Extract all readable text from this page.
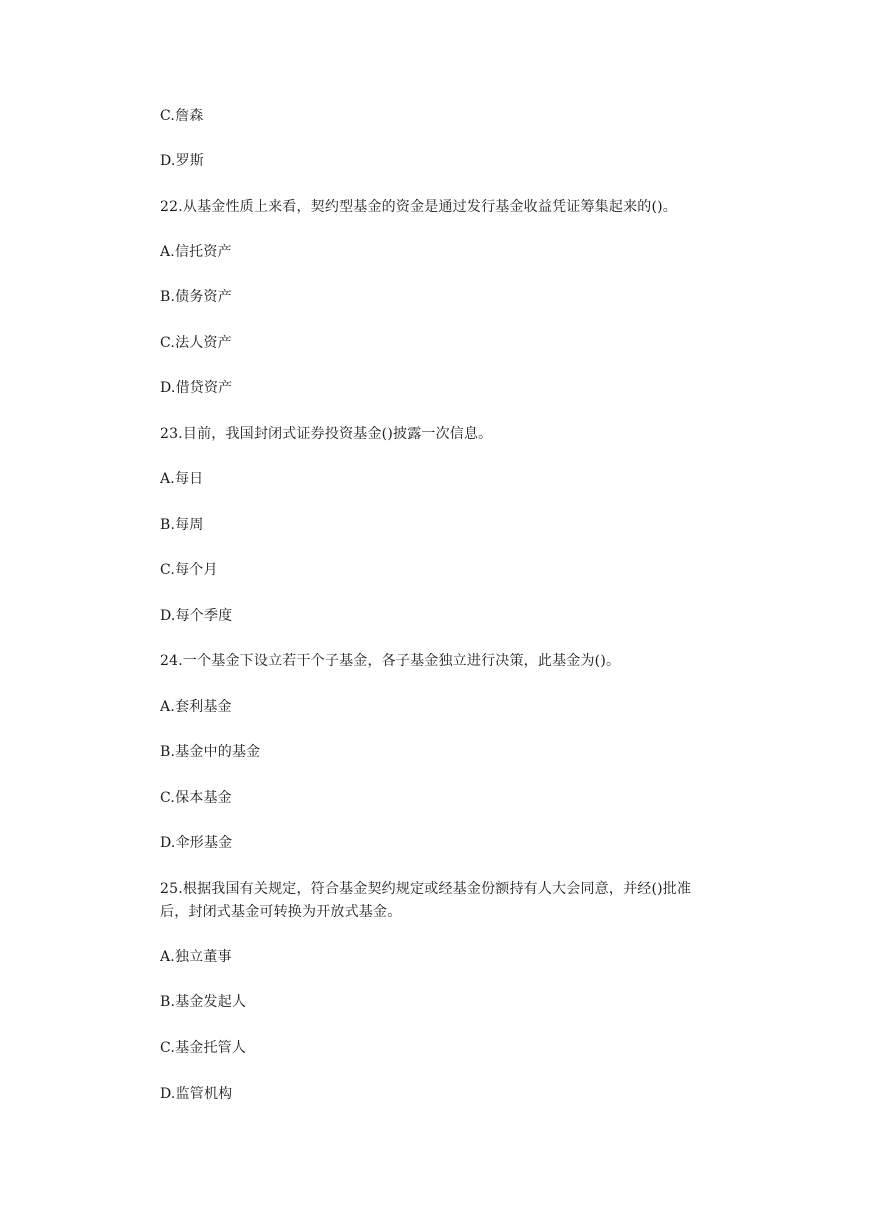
C.詹森
D.罗斯
22.从基金性质上来看，契约型基金的资金是通过发行基金收益凭证筹集起来的()。
A.信托资产
B.债务资产
C.法人资产
D.借贷资产
23.目前，我国封闭式证券投资基金()披露一次信息。
A.每日
B.每周
C.每个月
D.每个季度
24.一个基金下设立若干个子基金，各子基金独立进行决策，此基金为()。
A.套利基金
B.基金中的基金
C.保本基金
D.伞形基金
25.根据我国有关规定，符合基金契约规定或经基金份额持有人大会同意，并经()批准
后，封闭式基金可转换为开放式基金。
A.独立董事
B.基金发起人
C.基金托管人
D.监管机构
